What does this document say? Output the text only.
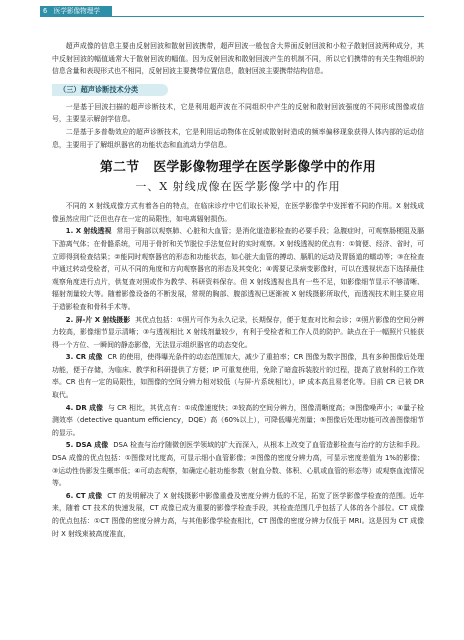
6　医学影像物理学

超声成像的信息主要由反射回波和散射回波携带，超声回波一般包含大界面反射回波和小粒子散射回波两种成分，其中反射回波的幅值通常大于散射回波的幅值。因为反射回波和散射回波产生的机制不同，所以它们携带的有关生物组织的信息含量和表现形式也不相同，反射回波主要携带位置信息，散射回波主要携带结构信息。

（三）超声诊断技术分类

一是基于回波扫描的超声诊断技术，它是利用超声波在不同组织中产生的反射和散射回波强度的不同形成图像或信号，主要显示解剖学信息。

二是基于多普勒效应的超声诊断技术，它是利用运动物体在反射或散射时造成的频率偏移现象获得人体内部的运动信息，主要用于了解组织器官的功能状态和血流动力学信息。

第二节 医学影像物理学在医学影像学中的作用
一、X 射线成像在医学影像学中的作用

不同的 X 射线成像方式有着各自的特点，在临床诊疗中它们取长补短，在医学影像学中发挥着不同的作用。X 射线成像虽然应用广泛但也存在一定的局限性，如电离辐射损伤。

1. X 射线透视 常用于胸部以观察肺、心脏和大血管；是消化道造影检查的必要手段；急腹症时，可观察肠梗阻及膈下游离气体；在骨骼系统，可用于骨折和关节脱位手法复位时的实时观察。X 射线透视的优点有：①简便、经济、省时，可立即得到检查结果；②能同时观察器官的形态和功能状态，如心脏大血管的搏动、膈肌的运动及胃肠道的蠕动等；③在检查中通过转动受检者，可从不同的角度和方向观察器官的形态及其变化；④需要记录病变影像时，可以在透视状态下选择最佳观察角度进行点片，供复查对照或作为教学、科研资料保存。但 X 射线透视也具有一些不足，如影像细节显示不够清晰、辐射剂量较大等。随着影像设备的不断发展，常规的胸部、腹部透视已逐渐被 X 射线摄影所取代，而透视技术则主要应用于造影检查和骨科手术等。

2. 屏-片 X 射线摄影 其优点包括：①照片可作为永久记录，长期保存，便于复查对比和会诊；②照片影像的空间分辨力较高，影像细节显示清晰；③与透视相比 X 射线剂量较少，有利于受检者和工作人员的防护。缺点在于一幅照片只能获得一个方位、一瞬间的静态影像，无法显示组织器官的动态变化。

3. CR 成像 CR 的使用，使得曝光条件的动态范围加大，减少了重拍率；CR 图像为数字图像，具有多种图像后处理功能，便于存储，为临床、教学和科研提供了方便；IP 可重复使用，免除了暗盒拆装胶片的过程，提高了放射科的工作效率。CR 也有一定的局限性，如图像的空间分辨力相对较低（与屏-片系统相比），IP 成本高且易老化等。目前 CR 已被 DR 取代。

4. DR 成像 与 CR 相比，其优点有：①成像速度快；②较高的空间分辨力，图像清晰度高；③图像噪声小；④量子检测效率（detective quantum efficiency，DQE）高（60%以上），可降低曝光剂量；⑤图像后处理功能可改善图像细节的显示。

5. DSA 成像 DSA 检查与治疗随微创医学领域的扩大而深入，从根本上改变了血管造影检查与治疗的方法和手段。DSA 成像的优点包括：①图像对比度高，可显示细小血管影像；②图像的密度分辨力高，可显示密度差值为 1%的影像；③运动性伪影发生概率低；④可动态观察，如确定心脏功能参数（射血分数、体积、心肌或血管的形态等）或观察血流情况等。

6. CT 成像 CT 的发明解决了 X 射线摄影中影像重叠及密度分辨力低的不足，拓宽了医学影像学检查的范围。近年来，随着 CT 技术的快速发展，CT 成像已成为重要的影像学检查手段，其检查范围几乎包括了人体的各个部位。CT 成像的优点包括：①CT 图像的密度分辨力高，与其他影像学检查相比，CT 图像的密度分辨力仅低于 MRI。这是因为 CT 成像时 X 射线束被高度准直，
